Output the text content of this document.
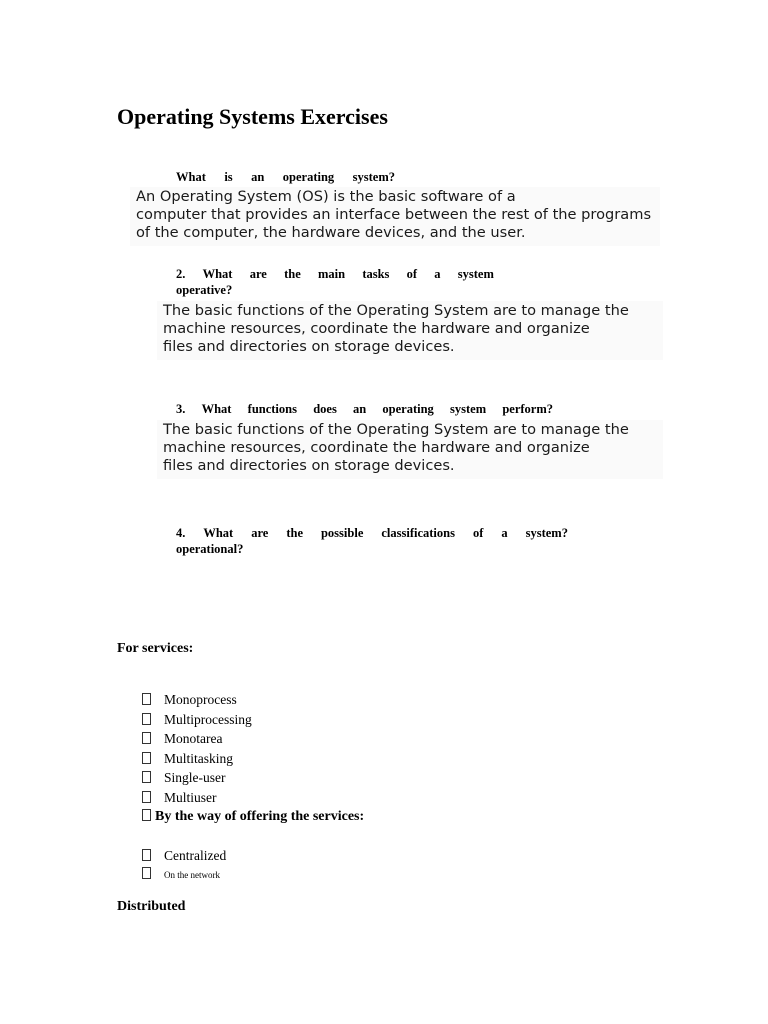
Operating Systems Exercises
What is an operating system?
An Operating System (OS) is the basic software of a
computer that provides an interface between the rest of the programs
of the computer, the hardware devices, and the user.
2. What are the main tasks of a system
operative?
The basic functions of the Operating System are to manage the
machine resources, coordinate the hardware and organize
files and directories on storage devices.
3. What functions does an operating system perform?
The basic functions of the Operating System are to manage the
machine resources, coordinate the hardware and organize
files and directories on storage devices.
4. What are the possible classifications of a system?
operational?
For services:
Monoprocess
Multiprocessing
Monotarea
Multitasking
Single-user
Multiuser
By the way of offering the services:
Centralized
On the network
Distributed
